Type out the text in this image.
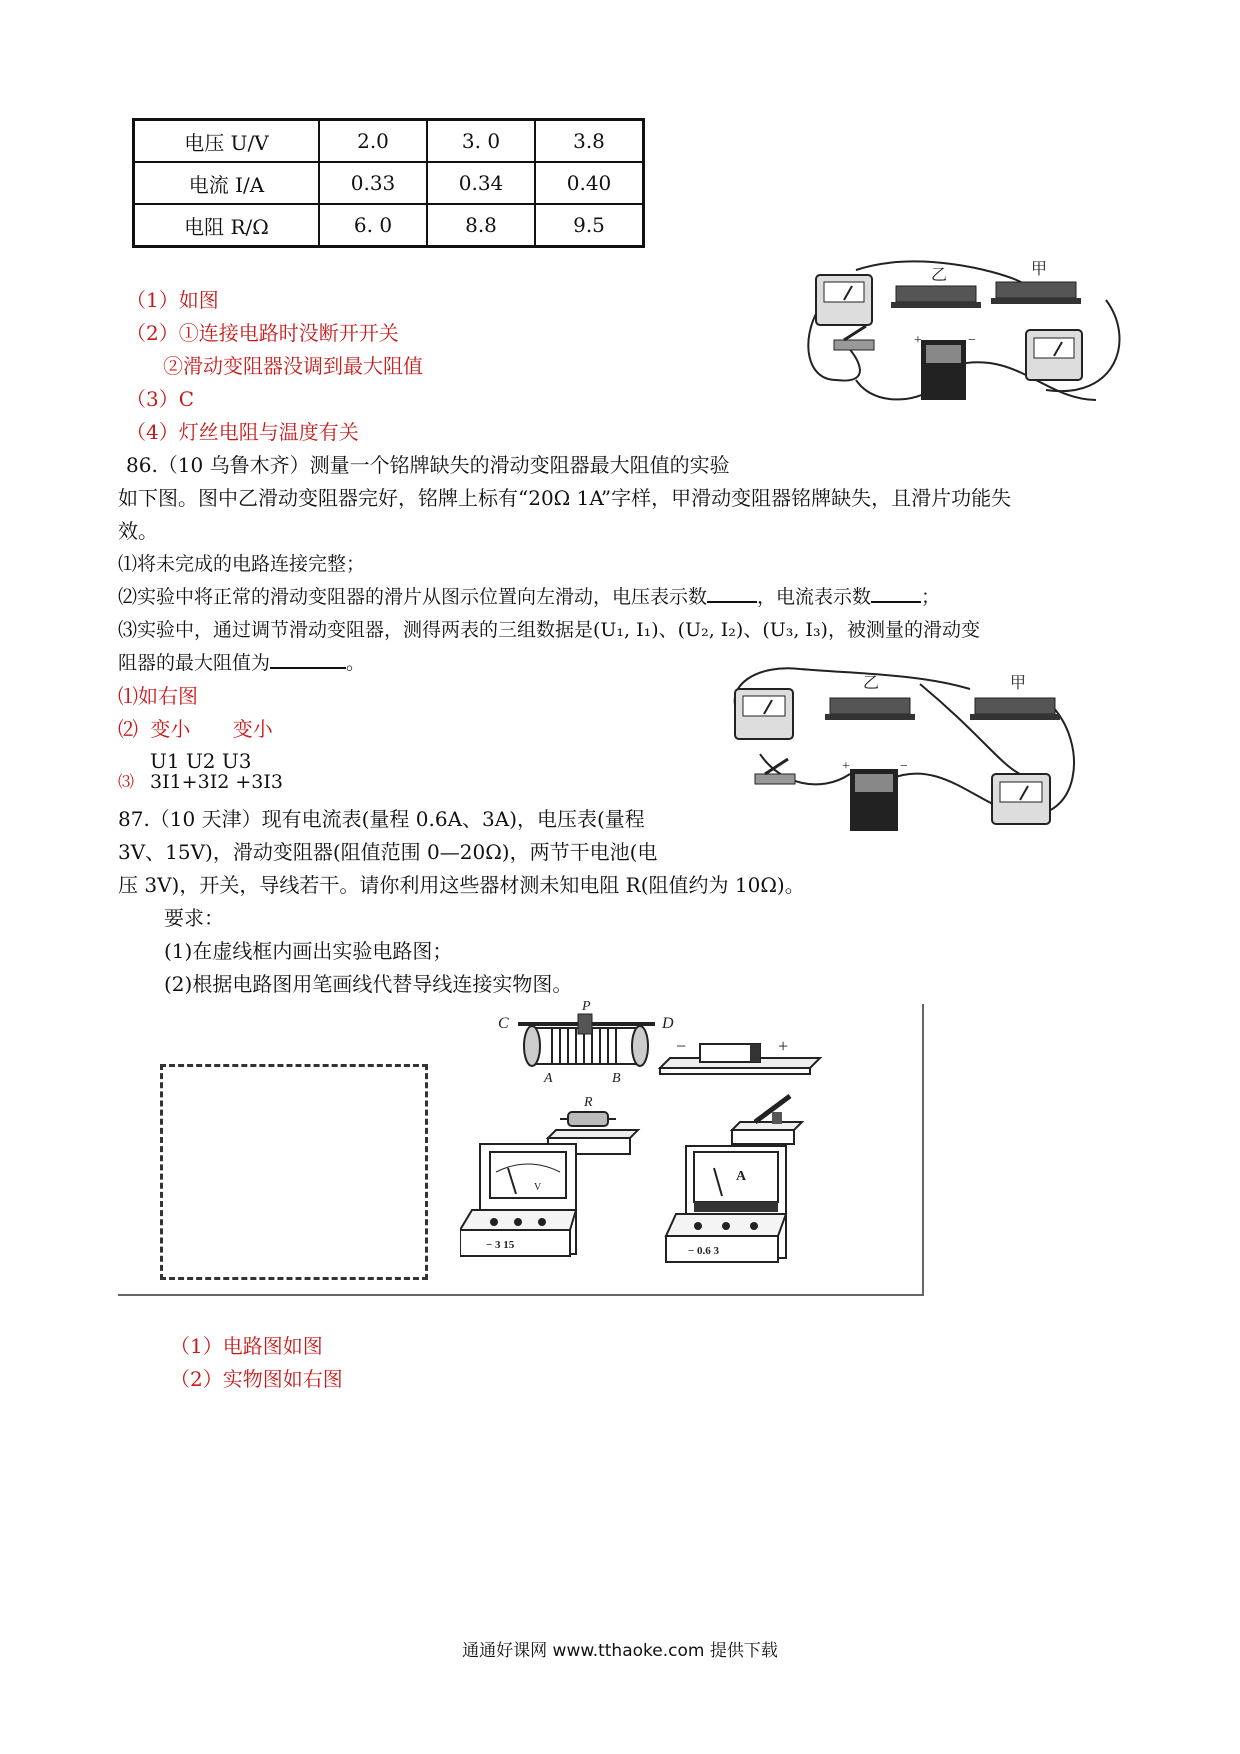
电压 U/V	2.0	3. 0	3.8
电流 I/A	0.33	0.34	0.40
电阻 R/Ω	6. 0	8.8	9.5
（1）如图
（2）①连接电路时没断开开关
②滑动变阻器没调到最大阻值
（3）C
（4）灯丝电阻与温度有关
乙	甲
+	−
86.（10 乌鲁木齐）测量一个铭牌缺失的滑动变阻器最大阻值的实验
如下图。图中乙滑动变阻器完好，铭牌上标有“20Ω 1A”字样，甲滑动变阻器铭牌缺失，且滑片功能失
效。
⑴将未完成的电路连接完整；
⑵实验中将正常的滑动变阻器的滑片从图示位置向左滑动，电压表示数	，电流表示数	；
⑶实验中，通过调节滑动变阻器，测得两表的三组数据是(U₁, I₁)、(U₂, I₂)、(U₃, I₃)，被测量的滑动变
阻器的最大阻值为	。
⑴如右图
⑵ 变小 变小
U1 U2 U3
⑶ 3I1+3I2 +3I3
乙	甲
+	−
87.（10 天津）现有电流表(量程 0.6A、3A)，电压表(量程
3V、15V)，滑动变阻器(阻值范围 0—20Ω)，两节干电池(电
压 3V)，开关，导线若干。请你利用这些器材测未知电阻 R(阻值约为 10Ω)。
要求：
(1)在虚线框内画出实验电路图；
(2)根据电路图用笔画线代替导线连接实物图。
C
P
D
A	B
−	+
R
V
− 3 15
A
− 0.6 3
（1）电路图如图
（2）实物图如右图
通通好课网 www.tthaoke.com 提供下载
